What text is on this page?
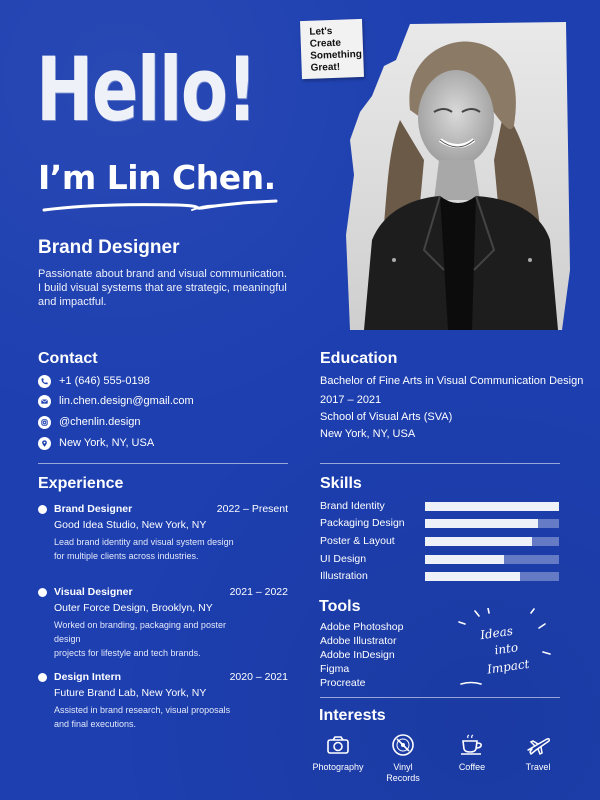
Hello!
I’m Lin Chen.
Brand Designer
Passionate about brand and visual communication. I build visual systems that are strategic, meaningful and impactful.
Let's
Create
Something
Great!
Contact
+1 (646) 555-0198
lin.chen.design@gmail.com
@chenlin.design
New York, NY, USA
Education
Bachelor of Fine Arts in Visual Communication Design
2017 – 2021
School of Visual Arts (SVA)
New York, NY, USA
Experience
Brand Designer	2022 – Present
Good Idea Studio, New York, NY
Lead brand identity and visual system design
for multiple clients across industries.
Visual Designer	2021 – 2022
Outer Force Design, Brooklyn, NY
Worked on branding, packaging and poster design
projects for lifestyle and tech brands.
Design Intern	2020 – 2021
Future Brand Lab, New York, NY
Assisted in brand research, visual proposals
and final executions.
Skills
Brand Identity
Packaging Design
Poster & Layout
UI Design
Illustration
Tools
Adobe Photoshop
Adobe Illustrator
Adobe InDesign
Figma
Procreate
Ideas
into
Impact
Interests
Photography	Vinyl
Records
Coffee	Travel
